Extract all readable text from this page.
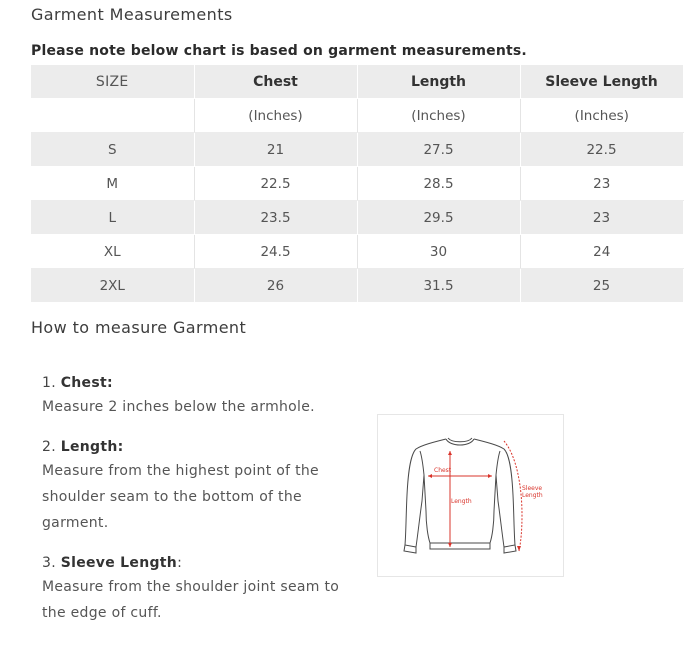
Garment Measurements
Please note below chart is based on garment measurements.
SIZE	Chest	Length	Sleeve Length
	(Inches)	(Inches)	(Inches)
S	21	27.5	22.5
M	22.5	28.5	23
L	23.5	29.5	23
XL	24.5	30	24
2XL	26	31.5	25
How to measure Garment
1. Chest:
Measure 2 inches below the armhole.
2. Length:
Measure from the highest point of the shoulder seam to the bottom of the garment.
3. Sleeve Length:
Measure from the shoulder joint seam to the edge of cuff.
Chest
Length
Sleeve
Length
